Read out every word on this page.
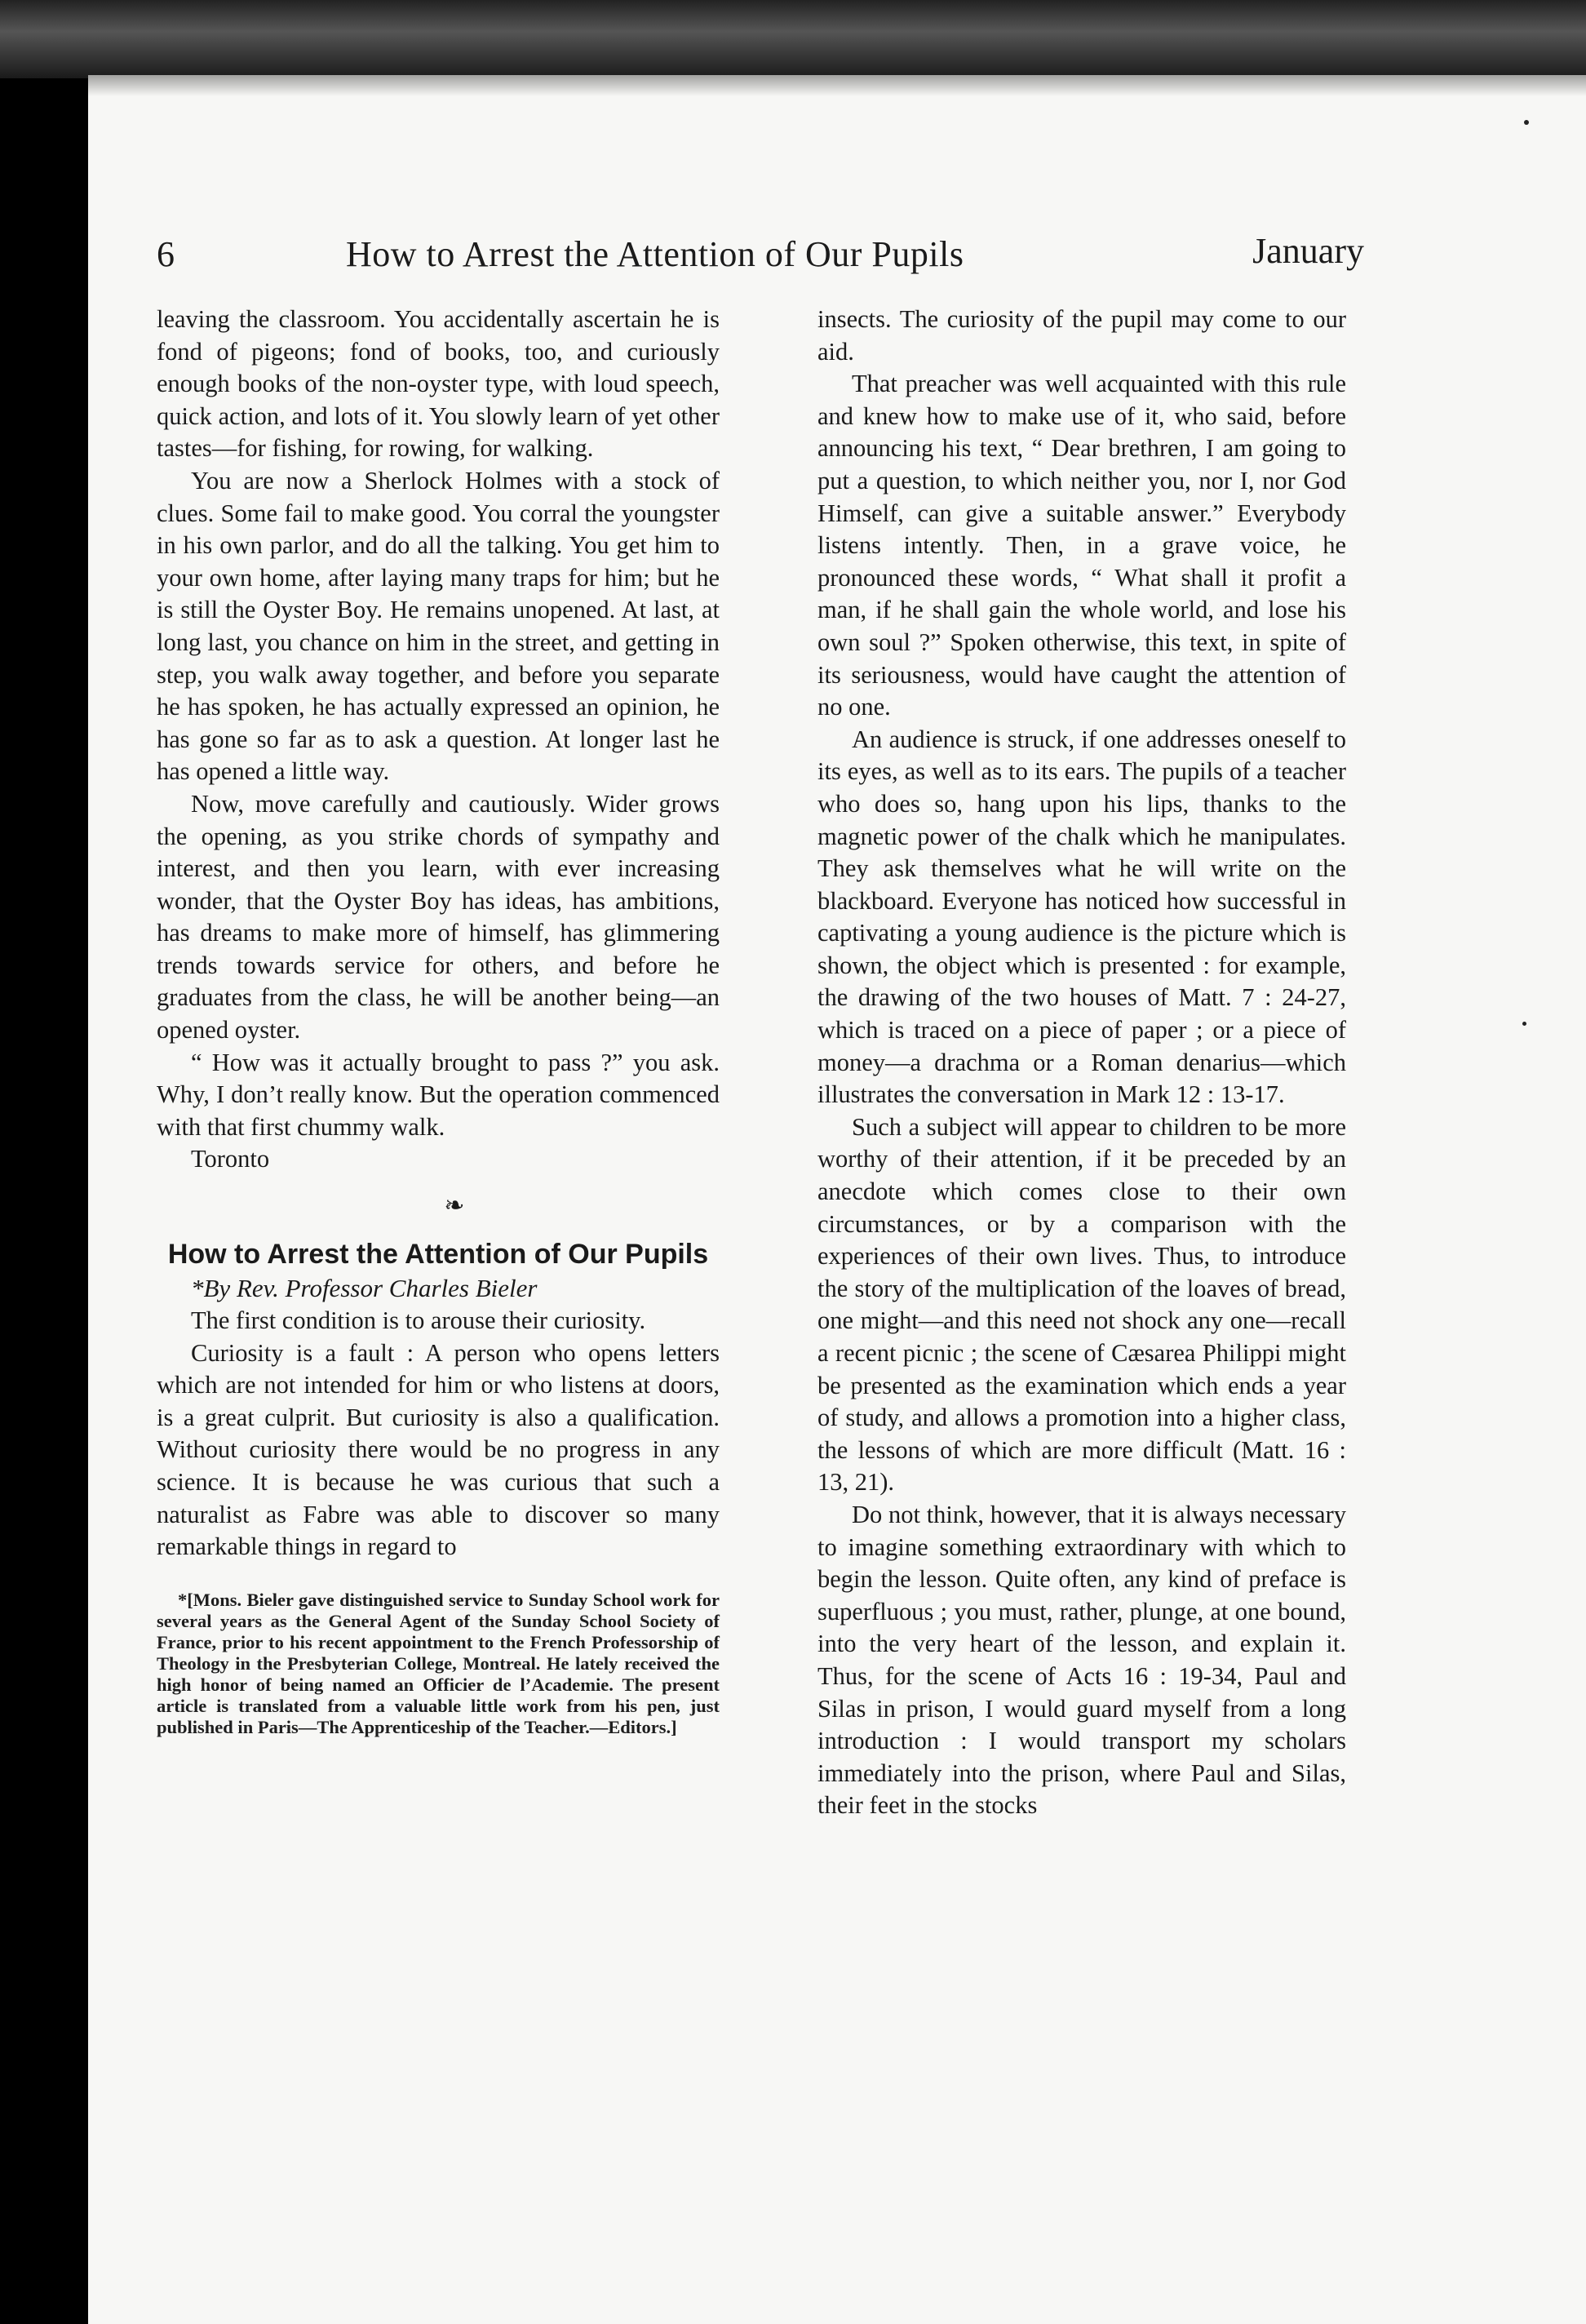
6	How to Arrest the Attention of Our Pupils	January

leaving the classroom. You accidentally ascertain he is fond of pigeons; fond of books, too, and curiously enough books of the non-oyster type, with loud speech, quick action, and lots of it. You slowly learn of yet other tastes—for fishing, for rowing, for walking.

You are now a Sherlock Holmes with a stock of clues. Some fail to make good. You corral the youngster in his own parlor, and do all the talking. You get him to your own home, after laying many traps for him; but he is still the Oyster Boy. He remains unopened. At last, at long last, you chance on him in the street, and getting in step, you walk away together, and before you separate he has spoken, he has actually expressed an opinion, he has gone so far as to ask a question. At longer last he has opened a little way.

Now, move carefully and cautiously. Wider grows the opening, as you strike chords of sympathy and interest, and then you learn, with ever increasing wonder, that the Oyster Boy has ideas, has ambitions, has dreams to make more of himself, has glimmering trends towards service for others, and before he graduates from the class, he will be another being—an opened oyster.

“ How was it actually brought to pass ?” you ask. Why, I don’t really know. But the operation commenced with that first chummy walk.

Toronto

❧
How to Arrest the Attention of Our Pupils

*By Rev. Professor Charles Bieler

The first condition is to arouse their curiosity.

Curiosity is a fault : A person who opens letters which are not intended for him or who listens at doors, is a great culprit. But curiosity is also a qualification. Without curiosity there would be no progress in any science. It is because he was curious that such a naturalist as Fabre was able to discover so many remarkable things in regard to

*[Mons. Bieler gave distinguished service to Sunday School work for several years as the General Agent of the Sunday School Society of France, prior to his recent appointment to the French Professorship of Theology in the Presbyterian College, Montreal. He lately received the high honor of being named an Officier de l’Academie. The present article is translated from a valuable little work from his pen, just published in Paris—The Apprenticeship of the Teacher.—Editors.]

insects. The curiosity of the pupil may come to our aid.

That preacher was well acquainted with this rule and knew how to make use of it, who said, before announcing his text, “ Dear brethren, I am going to put a question, to which neither you, nor I, nor God Himself, can give a suitable answer.” Everybody listens intently. Then, in a grave voice, he pronounced these words, “ What shall it profit a man, if he shall gain the whole world, and lose his own soul ?” Spoken otherwise, this text, in spite of its seriousness, would have caught the attention of no one.

An audience is struck, if one addresses oneself to its eyes, as well as to its ears. The pupils of a teacher who does so, hang upon his lips, thanks to the magnetic power of the chalk which he manipulates. They ask themselves what he will write on the blackboard. Everyone has noticed how successful in captivating a young audience is the picture which is shown, the object which is presented : for example, the drawing of the two houses of Matt. 7 : 24-27, which is traced on a piece of paper ; or a piece of money—a drachma or a Roman denarius—which illustrates the conversation in Mark 12 : 13-17.

Such a subject will appear to children to be more worthy of their attention, if it be preceded by an anecdote which comes close to their own circumstances, or by a comparison with the experiences of their own lives. Thus, to introduce the story of the multiplication of the loaves of bread, one might—and this need not shock any one—recall a recent picnic ; the scene of Cæsarea Philippi might be presented as the examination which ends a year of study, and allows a promotion into a higher class, the lessons of which are more difficult (Matt. 16 : 13, 21).

Do not think, however, that it is always necessary to imagine something extraordinary with which to begin the lesson. Quite often, any kind of preface is superfluous ; you must, rather, plunge, at one bound, into the very heart of the lesson, and explain it. Thus, for the scene of Acts 16 : 19-34, Paul and Silas in prison, I would guard myself from a long introduction : I would transport my scholars immediately into the prison, where Paul and Silas, their feet in the stocks
